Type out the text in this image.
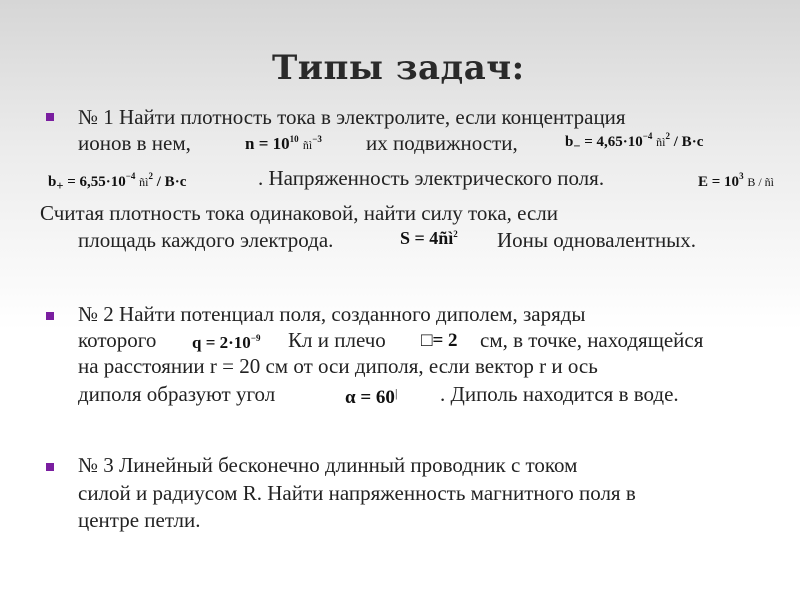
Типы задач:
№ 1 Найти плотность тока в электролите, если концентрация
ионов в нем,	$n = 10^{10}$ $ñì^{-3}$ их подвижности,	$b_- = 4,65\cdot 10^{-4}$ $ñì^2 / B\cdot c$
$b_+ = 6,55\cdot 10^{-4}$ $ñì^2 / B\cdot c$	. Напряженность электрического поля.	$E = 10^3$ B / ñì
Считая плотность тока одинаковой, найти силу тока, если
площадь каждого электрода.	$S = 4ñì^2$ Ионы одновалентных.
№ 2 Найти потенциал поля, созданного диполем, заряды
которого $q = 2\cdot 10^{-9}$ Кл и плечо □= 2 см, в точке, находящейся
на расстоянии r = 20 см от оси диполя, если вектор r и ось
диполя образуют угол	α = 60| . Диполь находится в воде.
№ 3 Линейный бесконечно длинный проводник с током
силой и радиусом R. Найти напряженность магнитного поля в
центре петли.
